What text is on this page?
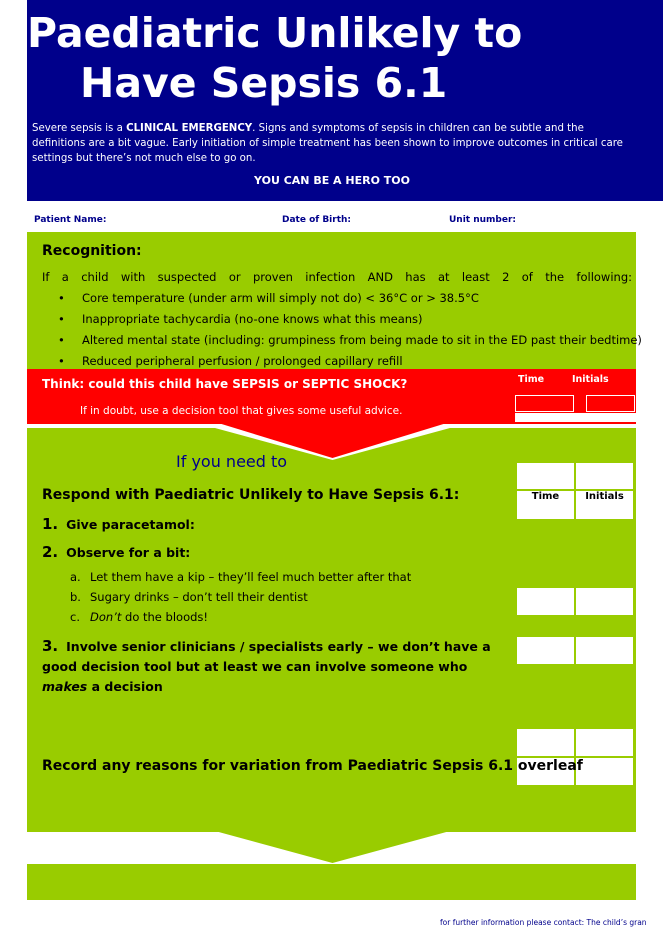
Paediatric Unlikely to
Have Sepsis 6.1
Severe sepsis is a CLINICAL EMERGENCY. Signs and symptoms of sepsis in children can be subtle and the definitions are a bit vague. Early initiation of simple treatment has been shown to improve outcomes in critical care settings but there’s not much else to go on.
YOU CAN BE A HERO TOO
Patient Name:	Date of Birth:	Unit number:
Recognition:
If a child with suspected or proven infection AND has at least 2 of the following:
• Core temperature (under arm will simply not do) < 36°C or > 38.5°C
• Inappropriate tachycardia (no-one knows what this means)
• Altered mental state (including: grumpiness from being made to sit in the ED past their bedtime)
• Reduced peripheral perfusion / prolonged capillary refill
Think: could this child have SEPSIS or SEPTIC SHOCK?
If in doubt, use a decision tool that gives some useful advice.
Time	Initials
If you need to
Respond with Paediatric Unlikely to Have Sepsis 6.1:	Time	Initials
1. Give paracetamol:
2. Observe for a bit:
a. Let them have a kip – they’ll feel much better after that
b. Sugary drinks – don’t tell their dentist
c. Don’t do the bloods!
3. Involve senior clinicians / specialists early – we don’t have a good decision tool but at least we can involve someone who makes a decision
Record any reasons for variation from Paediatric Sepsis 6.1 overleaf
for further information please contact: The child’s gran
